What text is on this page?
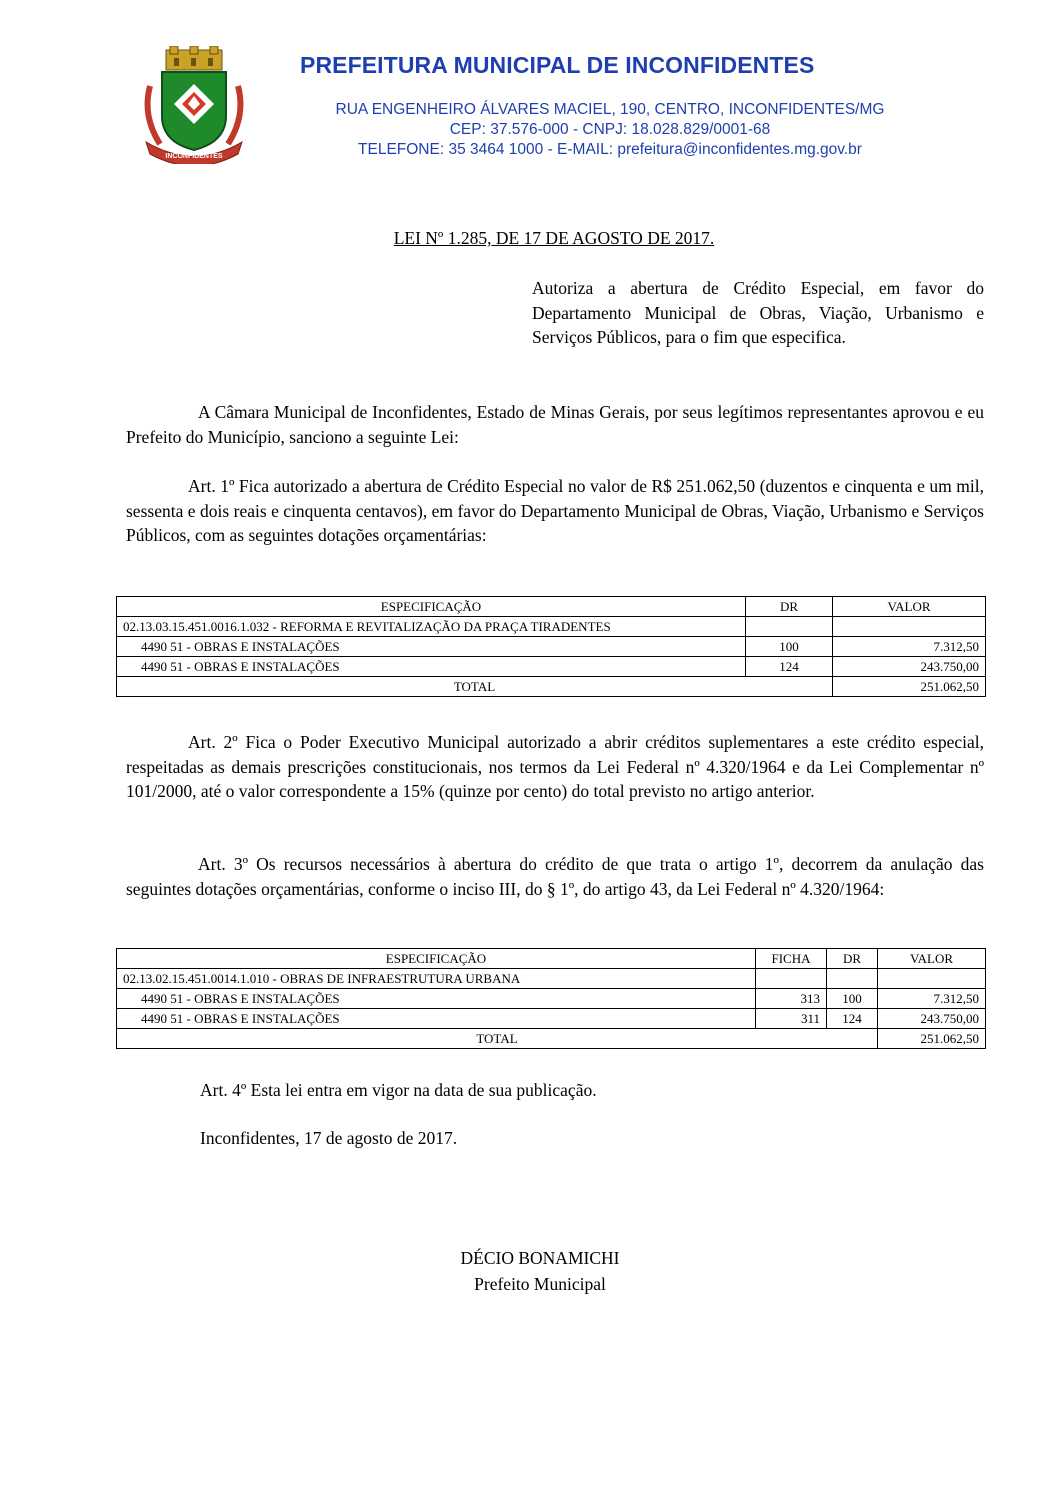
INCONFIDENTES
PREFEITURA MUNICIPAL DE INCONFIDENTES
RUA ENGENHEIRO ÁLVARES MACIEL, 190, CENTRO, INCONFIDENTES/MG
CEP: 37.576-000 - CNPJ: 18.028.829/0001-68
TELEFONE: 35 3464 1000 - E-MAIL: prefeitura@inconfidentes.mg.gov.br
LEI Nº 1.285, DE 17 DE AGOSTO DE 2017.
Autoriza a abertura de Crédito Especial, em favor do Departamento Municipal de Obras, Viação, Urbanismo e Serviços Públicos, para o fim que especifica.
A Câmara Municipal de Inconfidentes, Estado de Minas Gerais, por seus legítimos representantes aprovou e eu Prefeito do Município, sanciono a seguinte Lei:
Art. 1º Fica autorizado a abertura de Crédito Especial no valor de R$ 251.062,50 (duzentos e cinquenta e um mil, sessenta e dois reais e cinquenta centavos), em favor do Departamento Municipal de Obras, Viação, Urbanismo e Serviços Públicos, com as seguintes dotações orçamentárias:
ESPECIFICAÇÃO	DR	VALOR
02.13.03.15.451.0016.1.032 - REFORMA E REVITALIZAÇÃO DA PRAÇA TIRADENTES		
4490 51 - OBRAS E INSTALAÇÕES	100	7.312,50
4490 51 - OBRAS E INSTALAÇÕES	124	243.750,00
TOTAL		251.062,50
Art. 2º Fica o Poder Executivo Municipal autorizado a abrir créditos suplementares a este crédito especial, respeitadas as demais prescrições constitucionais, nos termos da Lei Federal nº 4.320/1964 e da Lei Complementar nº 101/2000, até o valor correspondente a 15% (quinze por cento) do total previsto no artigo anterior.
Art. 3º Os recursos necessários à abertura do crédito de que trata o artigo 1º, decorrem da anulação das seguintes dotações orçamentárias, conforme o inciso III, do § 1º, do artigo 43, da Lei Federal nº 4.320/1964:
ESPECIFICAÇÃO	FICHA	DR	VALOR
02.13.02.15.451.0014.1.010 - OBRAS DE INFRAESTRUTURA URBANA			
4490 51 - OBRAS E INSTALAÇÕES	313	100	7.312,50
4490 51 - OBRAS E INSTALAÇÕES	311	124	243.750,00
TOTAL			251.062,50
Art. 4º Esta lei entra em vigor na data de sua publicação.
Inconfidentes, 17 de agosto de 2017.
DÉCIO BONAMICHI
Prefeito Municipal
